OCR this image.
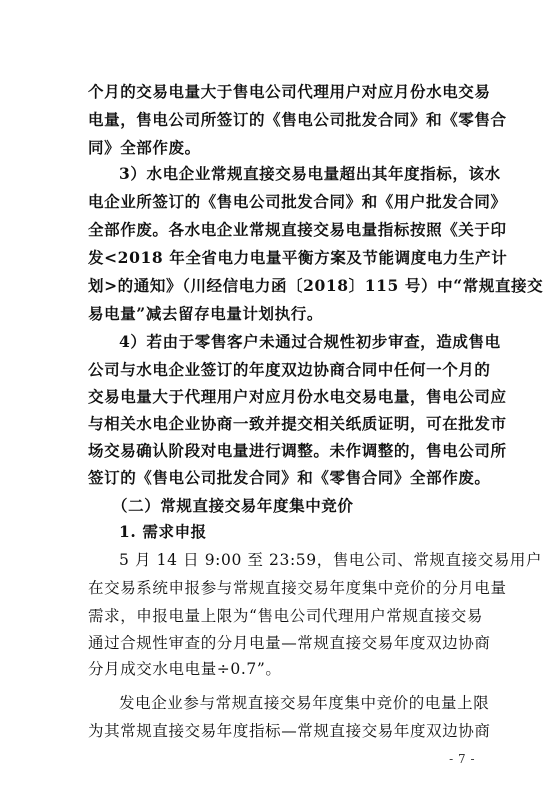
个月的交易电量大于售电公司代理用户对应月份水电交易
电量，售电公司所签订的《售电公司批发合同》和《零售合
同》全部作废。
3）水电企业常规直接交易电量超出其年度指标，该水
电企业所签订的《售电公司批发合同》和《用户批发合同》
全部作废。各水电企业常规直接交易电量指标按照《关于印
发<2018 年全省电力电量平衡方案及节能调度电力生产计
划>的通知》（川经信电力函〔2018〕115 号）中“常规直接交
易电量”减去留存电量计划执行。
4）若由于零售客户未通过合规性初步审查，造成售电
公司与水电企业签订的年度双边协商合同中任何一个月的
交易电量大于代理用户对应月份水电交易电量，售电公司应
与相关水电企业协商一致并提交相关纸质证明，可在批发市
场交易确认阶段对电量进行调整。未作调整的，售电公司所
签订的《售电公司批发合同》和《零售合同》全部作废。
（二）常规直接交易年度集中竞价
1. 需求申报
5 月 14 日 9:00 至 23:59，售电公司、常规直接交易用户
在交易系统申报参与常规直接交易年度集中竞价的分月电量
需求，申报电量上限为“售电公司代理用户常规直接交易
通过合规性审查的分月电量—常规直接交易年度双边协商
分月成交水电电量÷0.7”。
发电企业参与常规直接交易年度集中竞价的电量上限
为其常规直接交易年度指标—常规直接交易年度双边协商
- 7 -
